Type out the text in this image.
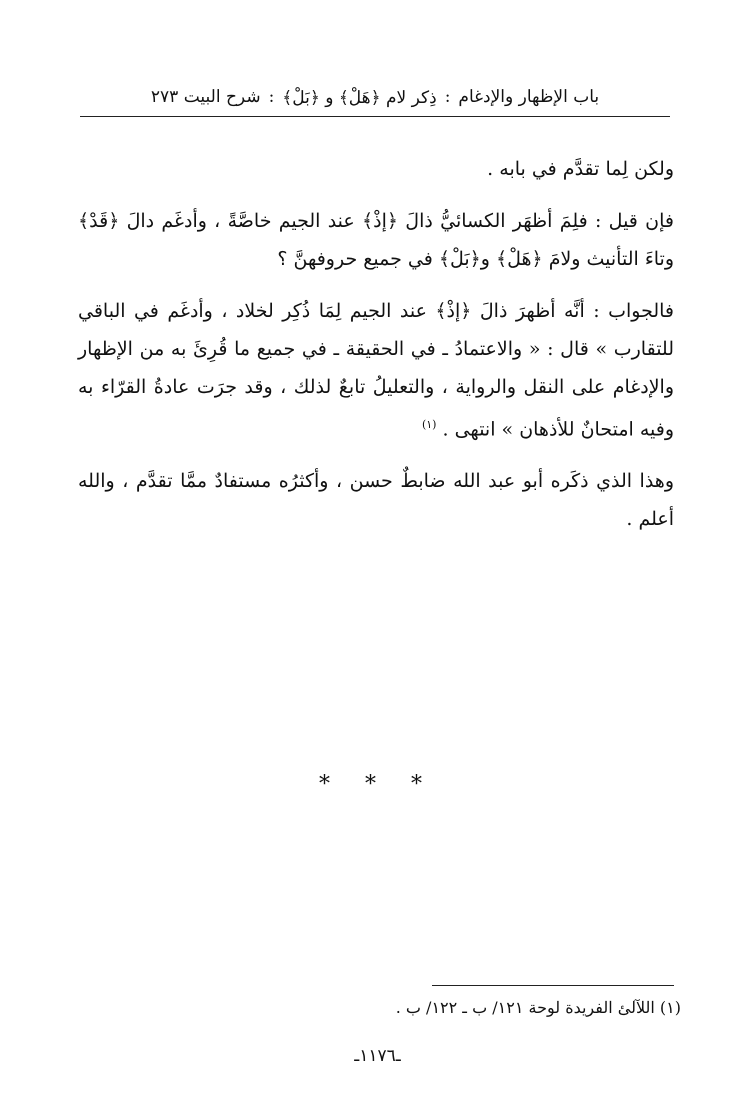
باب الإظهار والإدغام
:
ذِكر لام ﴿هَلْ﴾ و ﴿بَلْ﴾
:
شرح البيت ٢٧٣

ولكن لِما تقدَّم في بابه .

فإن قيل : فلِمَ أظهَر الكسائيُّ ذالَ ﴿إذْ﴾ عند الجيم خاصَّةً ، وأدغَم دالَ ﴿قَدْ﴾ وتاءَ التأنيث ولامَ ﴿هَلْ﴾ و﴿بَلْ﴾ في جميع حروفهنَّ ؟

فالجواب : أنَّه أظهرَ ذالَ ﴿إذْ﴾ عند الجيم لِمَا ذُكِر لخلاد ، وأدغَم في الباقي للتقارب » قال : « والاعتمادُ ـ في الحقيقة ـ في جميع ما قُرِئَ به من الإظهار والإدغام على النقل والرواية ، والتعليلُ تابعٌ لذلك ، وقد جرَت عادةُ القرّاء به وفيه امتحانٌ للأذهان » انتهى . $^{(١)}$

وهذا الذي ذكَره أبو عبد الله ضابطٌ حسن ، وأكثرُه مستفادٌ ممَّا تقدَّم ، والله أعلم .

* * *
(١) اللآلئ الفريدة لوحة ١٢١/ ب ـ ١٢٢/ ب .
ـ١١٧٦ـ
